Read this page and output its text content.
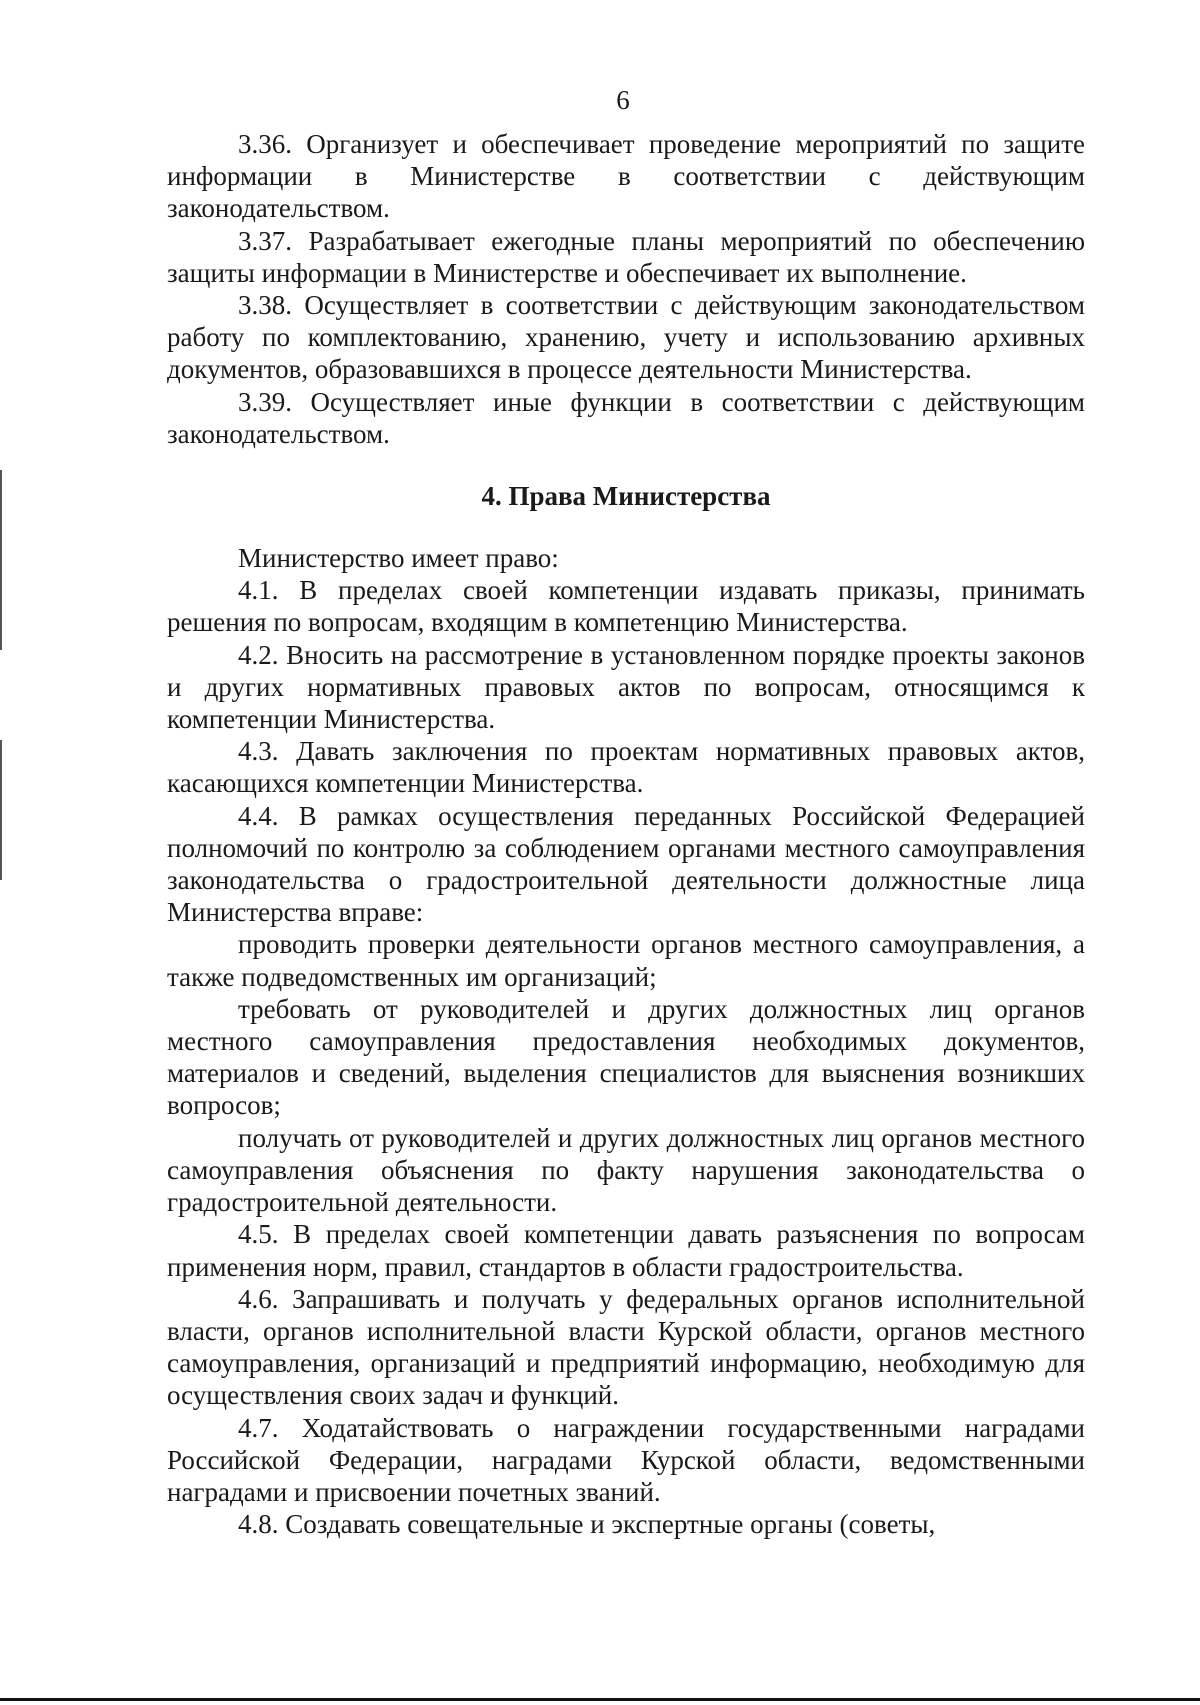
6

3.36. Организует и обеспечивает проведение мероприятий по защите информации в Министерстве в соответствии с действующим законодательством.

3.37. Разрабатывает ежегодные планы мероприятий по обеспечению защиты информации в Министерстве и обеспечивает их выполнение.

3.38. Осуществляет в соответствии с действующим законодательством работу по комплектованию, хранению, учету и использованию архивных документов, образовавшихся в процессе деятельности Министерства.

3.39. Осуществляет иные функции в соответствии с действующим законодательством.

4. Права Министерства

Министерство имеет право:

4.1. В пределах своей компетенции издавать приказы, принимать решения по вопросам, входящим в компетенцию Министерства.

4.2. Вносить на рассмотрение в установленном порядке проекты законов и других нормативных правовых актов по вопросам, относящимся к компетенции Министерства.

4.3. Давать заключения по проектам нормативных правовых актов, касающихся компетенции Министерства.

4.4. В рамках осуществления переданных Российской Федерацией полномочий по контролю за соблюдением органами местного самоуправления законодательства о градостроительной деятельности должностные лица Министерства вправе:

проводить проверки деятельности органов местного самоуправления, а также подведомственных им организаций;

требовать от руководителей и других должностных лиц органов местного самоуправления предоставления необходимых документов, материалов и сведений, выделения специалистов для выяснения возникших вопросов;

получать от руководителей и других должностных лиц органов местного самоуправления объяснения по факту нарушения законодательства о градостроительной деятельности.

4.5. В пределах своей компетенции давать разъяснения по вопросам применения норм, правил, стандартов в области градостроительства.

4.6. Запрашивать и получать у федеральных органов исполнительной власти, органов исполнительной власти Курской области, органов местного самоуправления, организаций и предприятий информацию, необходимую для осуществления своих задач и функций.

4.7. Ходатайствовать о награждении государственными наградами Российской Федерации, наградами Курской области, ведомственными наградами и присвоении почетных званий.

4.8. Создавать совещательные и экспертные органы (советы,
